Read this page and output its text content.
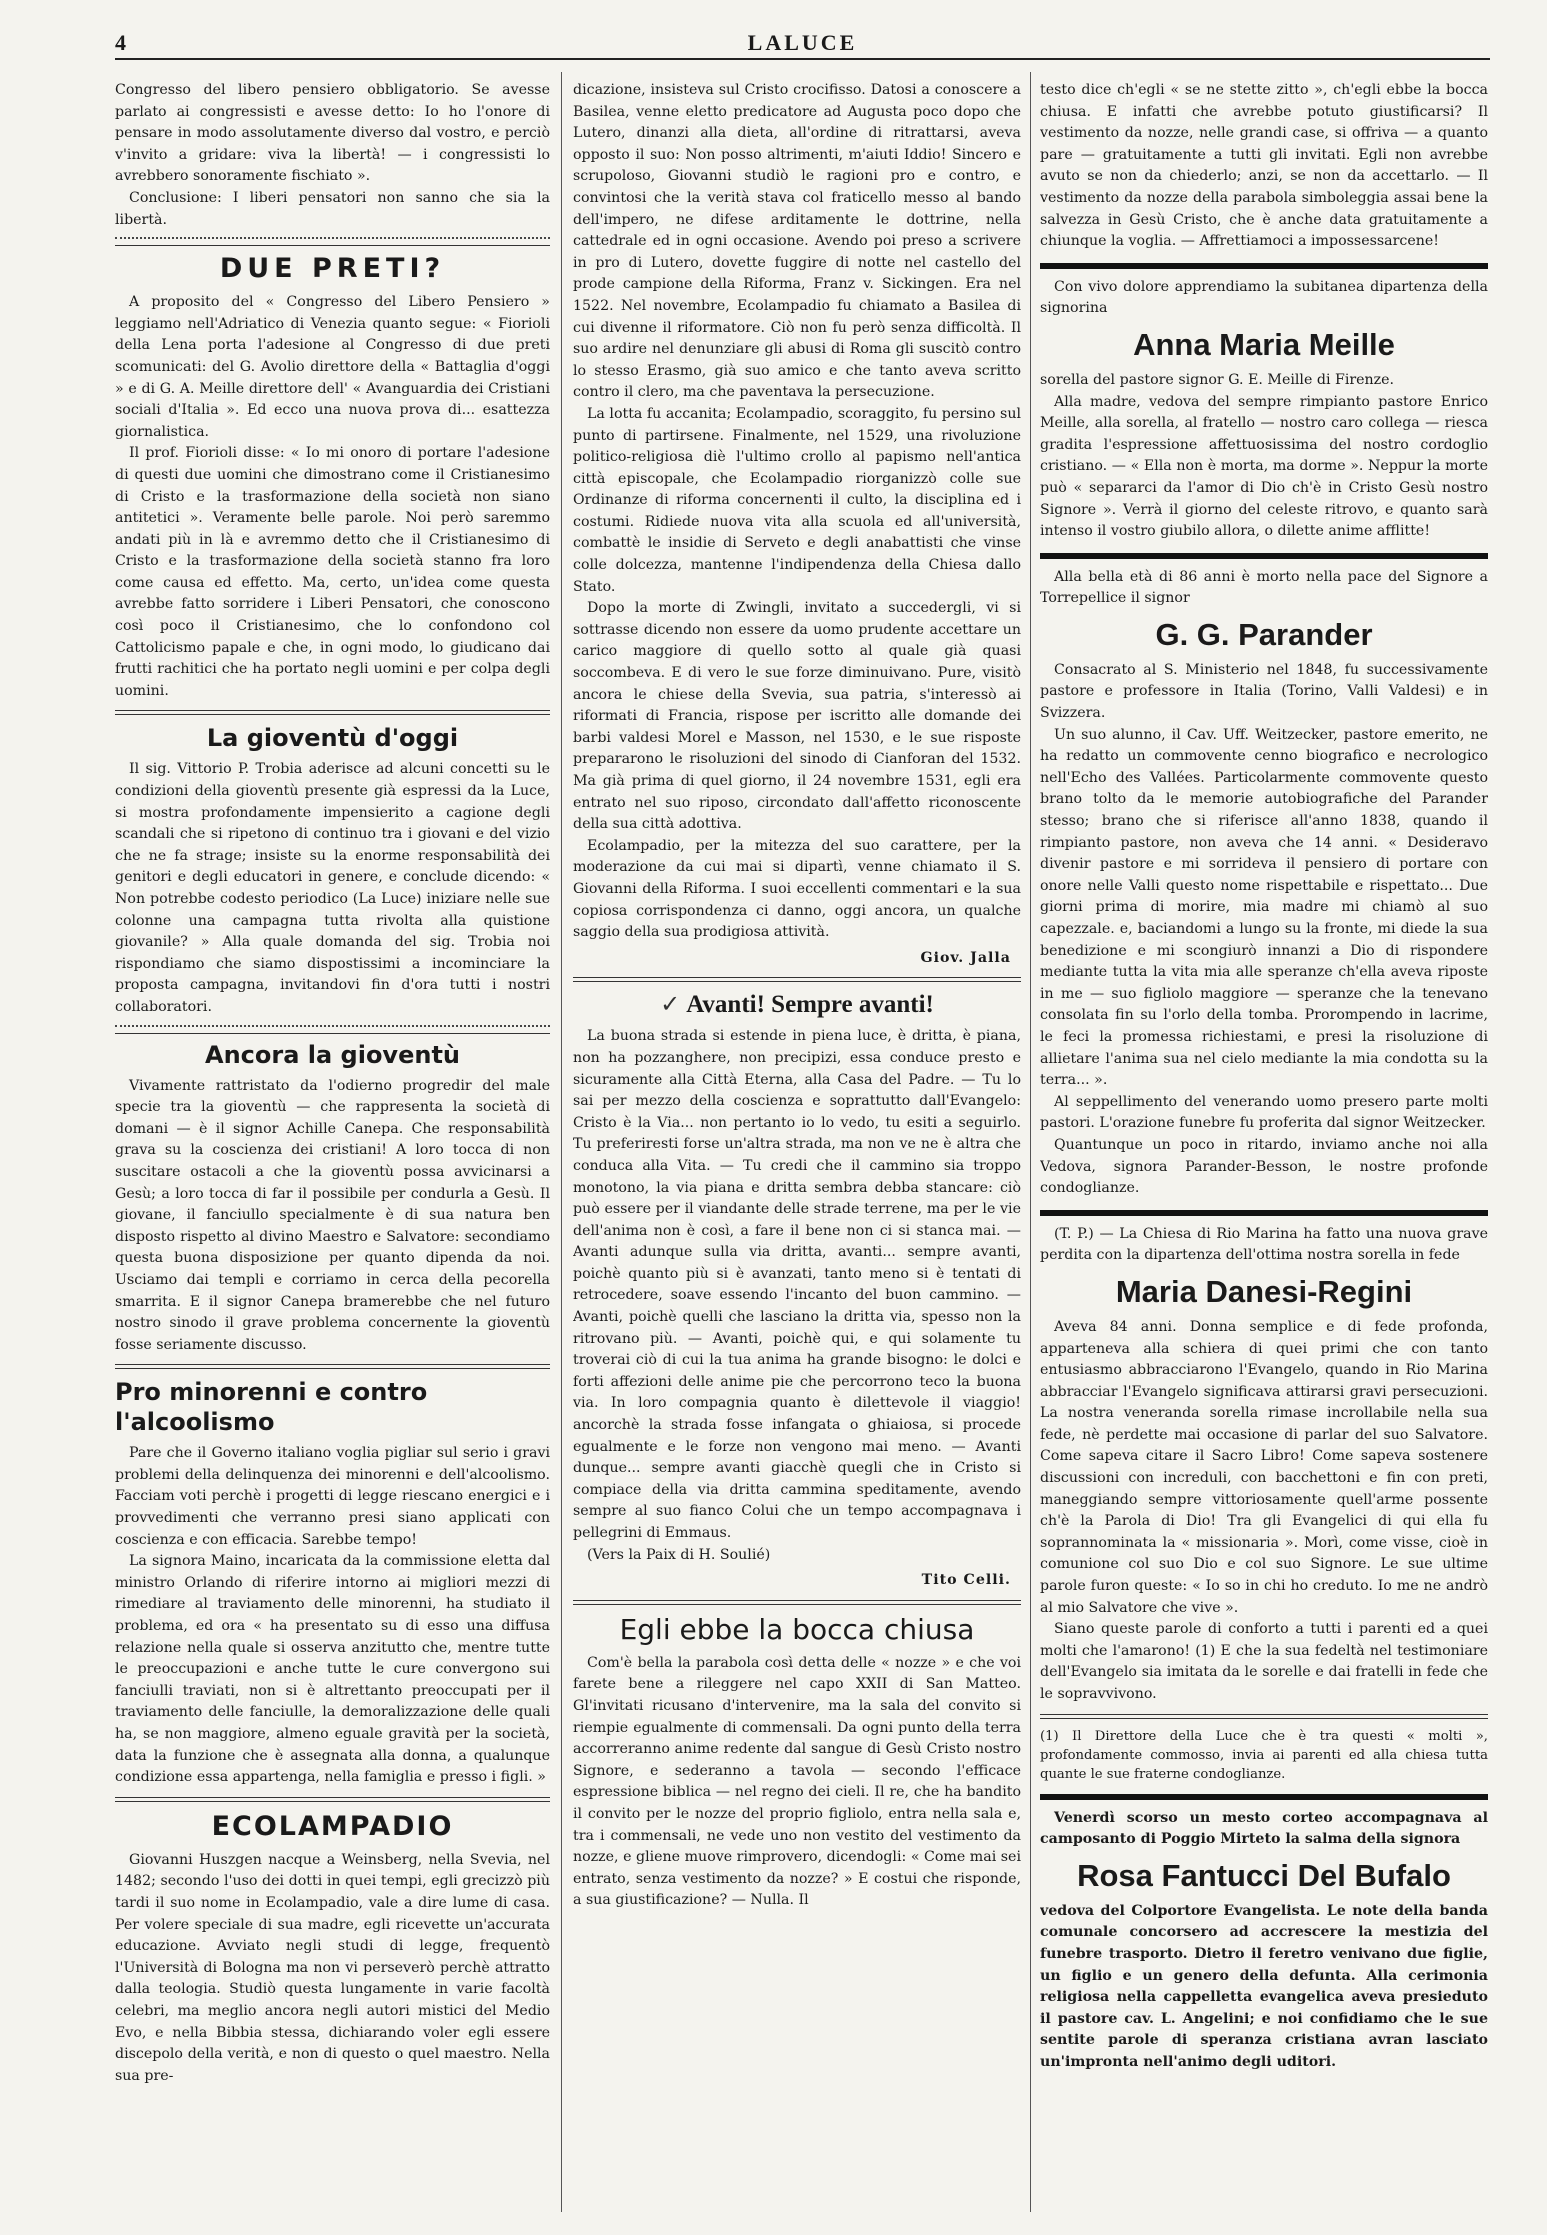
4	LALUCE

Congresso del libero pensiero obbligatorio. Se avesse parlato ai congressisti e avesse detto: Io ho l'onore di pensare in modo assolutamente diverso dal vostro, e perciò v'invito a gridare: viva la libertà! — i congressisti lo avrebbero sonoramente fischiato ».

Conclusione: I liberi pensatori non sanno che sia la libertà.

DUE PRETI?

A proposito del « Congresso del Libero Pensiero » leggiamo nell'Adriatico di Venezia quanto segue: « Fiorioli della Lena porta l'adesione al Congresso di due preti scomunicati: del G. Avolio direttore della « Battaglia d'oggi » e di G. A. Meille direttore dell' « Avanguardia dei Cristiani sociali d'Italia ». Ed ecco una nuova prova di... esattezza giornalistica.

Il prof. Fiorioli disse: « Io mi onoro di portare l'adesione di questi due uomini che dimostrano come il Cristianesimo di Cristo e la trasformazione della società non siano antitetici ». Veramente belle parole. Noi però saremmo andati più in là e avremmo detto che il Cristianesimo di Cristo e la trasformazione della società stanno fra loro come causa ed effetto. Ma, certo, un'idea come questa avrebbe fatto sorridere i Liberi Pensatori, che conoscono così poco il Cristianesimo, che lo confondono col Cattolicismo papale e che, in ogni modo, lo giudicano dai frutti rachitici che ha portato negli uomini e per colpa degli uomini.

La gioventù d'oggi

Il sig. Vittorio P. Trobia aderisce ad alcuni concetti su le condizioni della gioventù presente già espressi da la Luce, si mostra profondamente impensierito a cagione degli scandali che si ripetono di continuo tra i giovani e del vizio che ne fa strage; insiste su la enorme responsabilità dei genitori e degli educatori in genere, e conclude dicendo: « Non potrebbe codesto periodico (La Luce) iniziare nelle sue colonne una campagna tutta rivolta alla quistione giovanile? » Alla quale domanda del sig. Trobia noi rispondiamo che siamo dispostissimi a incominciare la proposta campagna, invitandovi fin d'ora tutti i nostri collaboratori.

Ancora la gioventù

Vivamente rattristato da l'odierno progredir del male specie tra la gioventù — che rappresenta la società di domani — è il signor Achille Canepa. Che responsabilità grava su la coscienza dei cristiani! A loro tocca di non suscitare ostacoli a che la gioventù possa avvicinarsi a Gesù; a loro tocca di far il possibile per condurla a Gesù. Il giovane, il fanciullo specialmente è di sua natura ben disposto rispetto al divino Maestro e Salvatore: secondiamo questa buona disposizione per quanto dipenda da noi. Usciamo dai templi e corriamo in cerca della pecorella smarrita. E il signor Canepa bramerebbe che nel futuro nostro sinodo il grave problema concernente la gioventù fosse seriamente discusso.

Pro minorenni e contro l'alcoolismo

Pare che il Governo italiano voglia pigliar sul serio i gravi problemi della delinquenza dei minorenni e dell'alcoolismo. Facciam voti perchè i progetti di legge riescano energici e i provvedimenti che verranno presi siano applicati con coscienza e con efficacia. Sarebbe tempo!

La signora Maino, incaricata da la commissione eletta dal ministro Orlando di riferire intorno ai migliori mezzi di rimediare al traviamento delle minorenni, ha studiato il problema, ed ora « ha presentato su di esso una diffusa relazione nella quale si osserva anzitutto che, mentre tutte le preoccupazioni e anche tutte le cure convergono sui fanciulli traviati, non si è altrettanto preoccupati per il traviamento delle fanciulle, la demoralizzazione delle quali ha, se non maggiore, almeno eguale gravità per la società, data la funzione che è assegnata alla donna, a qualunque condizione essa appartenga, nella famiglia e presso i figli. »

ECOLAMPADIO

Giovanni Huszgen nacque a Weinsberg, nella Svevia, nel 1482; secondo l'uso dei dotti in quei tempi, egli grecizzò più tardi il suo nome in Ecolampadio, vale a dire lume di casa. Per volere speciale di sua madre, egli ricevette un'accurata educazione. Avviato negli studi di legge, frequentò l'Università di Bologna ma non vi perseverò perchè attratto dalla teologia. Studiò questa lungamente in varie facoltà celebri, ma meglio ancora negli autori mistici del Medio Evo, e nella Bibbia stessa, dichiarando voler egli essere discepolo della verità, e non di questo o quel maestro. Nella sua pre-

dicazione, insisteva sul Cristo crocifisso. Datosi a conoscere a Basilea, venne eletto predicatore ad Augusta poco dopo che Lutero, dinanzi alla dieta, all'ordine di ritrattarsi, aveva opposto il suo: Non posso altrimenti, m'aiuti Iddio! Sincero e scrupoloso, Giovanni studiò le ragioni pro e contro, e convintosi che la verità stava col fraticello messo al bando dell'impero, ne difese arditamente le dottrine, nella cattedrale ed in ogni occasione. Avendo poi preso a scrivere in pro di Lutero, dovette fuggire di notte nel castello del prode campione della Riforma, Franz v. Sickingen. Era nel 1522. Nel novembre, Ecolampadio fu chiamato a Basilea di cui divenne il riformatore. Ciò non fu però senza difficoltà. Il suo ardire nel denunziare gli abusi di Roma gli suscitò contro lo stesso Erasmo, già suo amico e che tanto aveva scritto contro il clero, ma che paventava la persecuzione.

La lotta fu accanita; Ecolampadio, scoraggito, fu persino sul punto di partirsene. Finalmente, nel 1529, una rivoluzione politico-religiosa diè l'ultimo crollo al papismo nell'antica città episcopale, che Ecolampadio riorganizzò colle sue Ordinanze di riforma concernenti il culto, la disciplina ed i costumi. Ridiede nuova vita alla scuola ed all'università, combattè le insidie di Serveto e degli anabattisti che vinse colle dolcezza, mantenne l'indipendenza della Chiesa dallo Stato.

Dopo la morte di Zwingli, invitato a succedergli, vi si sottrasse dicendo non essere da uomo prudente accettare un carico maggiore di quello sotto al quale già quasi soccombeva. E di vero le sue forze diminuivano. Pure, visitò ancora le chiese della Svevia, sua patria, s'interessò ai riformati di Francia, rispose per iscritto alle domande dei barbi valdesi Morel e Masson, nel 1530, e le sue risposte prepararono le risoluzioni del sinodo di Cianforan del 1532. Ma già prima di quel giorno, il 24 novembre 1531, egli era entrato nel suo riposo, circondato dall'affetto riconoscente della sua città adottiva.

Ecolampadio, per la mitezza del suo carattere, per la moderazione da cui mai si dipartì, venne chiamato il S. Giovanni della Riforma. I suoi eccellenti commentari e la sua copiosa corrispondenza ci danno, oggi ancora, un qualche saggio della sua prodigiosa attività.

Giov. Jalla
✓ Avanti! Sempre avanti!

La buona strada si estende in piena luce, è dritta, è piana, non ha pozzanghere, non precipizi, essa conduce presto e sicuramente alla Città Eterna, alla Casa del Padre. — Tu lo sai per mezzo della coscienza e soprattutto dall'Evangelo: Cristo è la Via... non pertanto io lo vedo, tu esiti a seguirlo. Tu preferiresti forse un'altra strada, ma non ve ne è altra che conduca alla Vita. — Tu credi che il cammino sia troppo monotono, la via piana e dritta sembra debba stancare: ciò può essere per il viandante delle strade terrene, ma per le vie dell'anima non è così, a fare il bene non ci si stanca mai. — Avanti adunque sulla via dritta, avanti... sempre avanti, poichè quanto più si è avanzati, tanto meno si è tentati di retrocedere, soave essendo l'incanto del buon cammino. — Avanti, poichè quelli che lasciano la dritta via, spesso non la ritrovano più. — Avanti, poichè qui, e qui solamente tu troverai ciò di cui la tua anima ha grande bisogno: le dolci e forti affezioni delle anime pie che percorrono teco la buona via. In loro compagnia quanto è dilettevole il viaggio! ancorchè la strada fosse infangata o ghiaiosa, si procede egualmente e le forze non vengono mai meno. — Avanti dunque... sempre avanti giacchè quegli che in Cristo si compiace della via dritta cammina speditamente, avendo sempre al suo fianco Colui che un tempo accompagnava i pellegrini di Emmaus.

(Vers la Paix di H. Soulié)

Tito Celli.
Egli ebbe la bocca chiusa

Com'è bella la parabola così detta delle « nozze » e che voi farete bene a rileggere nel capo XXII di San Matteo. Gl'invitati ricusano d'intervenire, ma la sala del convito si riempie egualmente di commensali. Da ogni punto della terra accorreranno anime redente dal sangue di Gesù Cristo nostro Signore, e sederanno a tavola — secondo l'efficace espressione biblica — nel regno dei cieli. Il re, che ha bandito il convito per le nozze del proprio figliolo, entra nella sala e, tra i commensali, ne vede uno non vestito del vestimento da nozze, e gliene muove rimprovero, dicendogli: « Come mai sei entrato, senza vestimento da nozze? » E costui che risponde, a sua giustificazione? — Nulla. Il

testo dice ch'egli « se ne stette zitto », ch'egli ebbe la bocca chiusa. E infatti che avrebbe potuto giustificarsi? Il vestimento da nozze, nelle grandi case, si offriva — a quanto pare — gratuitamente a tutti gli invitati. Egli non avrebbe avuto se non da chiederlo; anzi, se non da accettarlo. — Il vestimento da nozze della parabola simboleggia assai bene la salvezza in Gesù Cristo, che è anche data gratuitamente a chiunque la voglia. — Affrettiamoci a impossessarcene!

Con vivo dolore apprendiamo la subitanea dipartenza della signorina

Anna Maria Meille

sorella del pastore signor G. E. Meille di Firenze.

Alla madre, vedova del sempre rimpianto pastore Enrico Meille, alla sorella, al fratello — nostro caro collega — riesca gradita l'espressione affettuosissima del nostro cordoglio cristiano. — « Ella non è morta, ma dorme ». Neppur la morte può « separarci da l'amor di Dio ch'è in Cristo Gesù nostro Signore ». Verrà il giorno del celeste ritrovo, e quanto sarà intenso il vostro giubilo allora, o dilette anime afflitte!

Alla bella età di 86 anni è morto nella pace del Signore a Torrepellice il signor

G. G. Parander

Consacrato al S. Ministerio nel 1848, fu successivamente pastore e professore in Italia (Torino, Valli Valdesi) e in Svizzera.

Un suo alunno, il Cav. Uff. Weitzecker, pastore emerito, ne ha redatto un commovente cenno biografico e necrologico nell'Echo des Vallées. Particolarmente commovente questo brano tolto da le memorie autobiografiche del Parander stesso; brano che si riferisce all'anno 1838, quando il rimpianto pastore, non aveva che 14 anni. « Desideravo divenir pastore e mi sorrideva il pensiero di portare con onore nelle Valli questo nome rispettabile e rispettato... Due giorni prima di morire, mia madre mi chiamò al suo capezzale. e, baciandomi a lungo su la fronte, mi diede la sua benedizione e mi scongiurò innanzi a Dio di rispondere mediante tutta la vita mia alle speranze ch'ella aveva riposte in me — suo figliolo maggiore — speranze che la tenevano consolata fin su l'orlo della tomba. Prorompendo in lacrime, le feci la promessa richiestami, e presi la risoluzione di allietare l'anima sua nel cielo mediante la mia condotta su la terra... ».

Al seppellimento del venerando uomo presero parte molti pastori. L'orazione funebre fu proferita dal signor Weitzecker.

Quantunque un poco in ritardo, inviamo anche noi alla Vedova, signora Parander-Besson, le nostre profonde condoglianze.

(T. P.) — La Chiesa di Rio Marina ha fatto una nuova grave perdita con la dipartenza dell'ottima nostra sorella in fede

Maria Danesi-Regini

Aveva 84 anni. Donna semplice e di fede profonda, apparteneva alla schiera di quei primi che con tanto entusiasmo abbracciarono l'Evangelo, quando in Rio Marina abbracciar l'Evangelo significava attirarsi gravi persecuzioni. La nostra veneranda sorella rimase incrollabile nella sua fede, nè perdette mai occasione di parlar del suo Salvatore. Come sapeva citare il Sacro Libro! Come sapeva sostenere discussioni con increduli, con bacchettoni e fin con preti, maneggiando sempre vittoriosamente quell'arme possente ch'è la Parola di Dio! Tra gli Evangelici di qui ella fu soprannominata la « missionaria ». Morì, come visse, cioè in comunione col suo Dio e col suo Signore. Le sue ultime parole furon queste: « Io so in chi ho creduto. Io me ne andrò al mio Salvatore che vive ».

Siano queste parole di conforto a tutti i parenti ed a quei molti che l'amarono! (1) E che la sua fedeltà nel testimoniare dell'Evangelo sia imitata da le sorelle e dai fratelli in fede che le sopravvivono.

(1) Il Direttore della Luce che è tra questi « molti », profondamente commosso, invia ai parenti ed alla chiesa tutta quante le sue fraterne condoglianze.

Venerdì scorso un mesto corteo accompagnava al camposanto di Poggio Mirteto la salma della signora

Rosa Fantucci Del Bufalo

vedova del Colportore Evangelista. Le note della banda comunale concorsero ad accrescere la mestizia del funebre trasporto. Dietro il feretro venivano due figlie, un figlio e un genero della defunta. Alla cerimonia religiosa nella cappelletta evangelica aveva presieduto il pastore cav. L. Angelini; e noi confidiamo che le sue sentite parole di speranza cristiana avran lasciato un'impronta nell'animo degli uditori.
